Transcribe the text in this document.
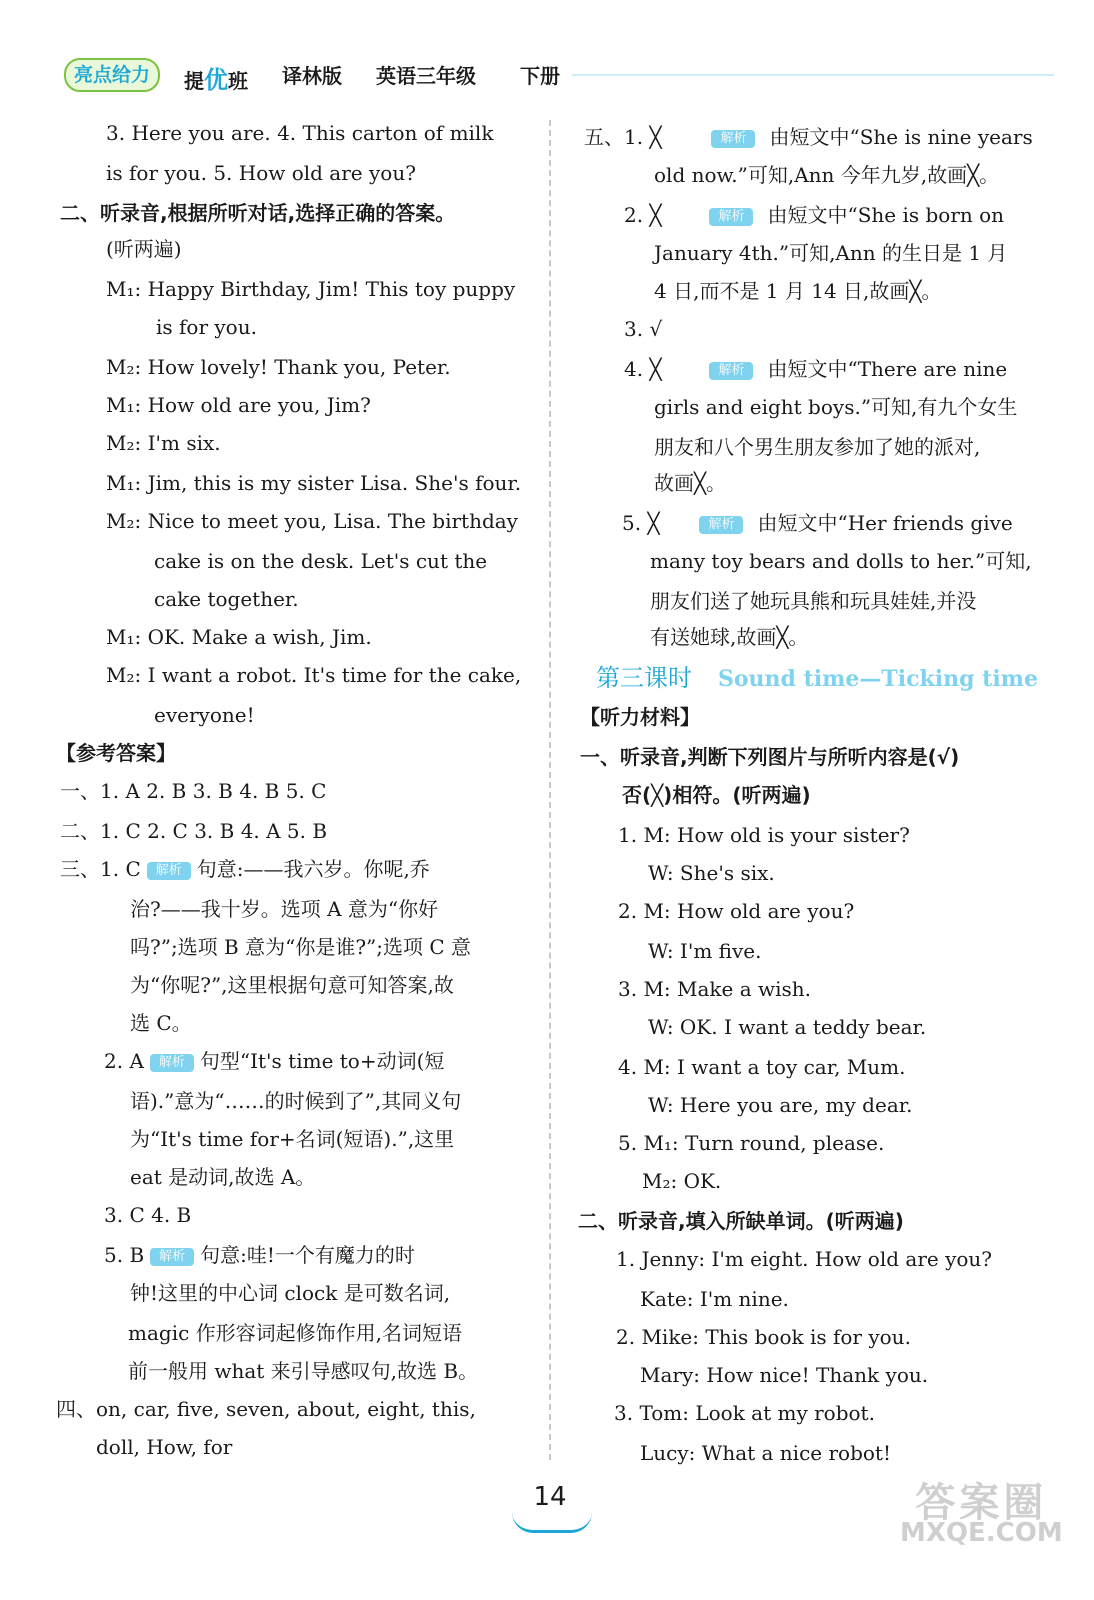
亮点给力	提优班 译林版 英语三年级 下册
3. Here you are. 4. This carton of milk
is for you. 5. How old are you?
二、听录音,根据所听对话,选择正确的答案。
(听两遍)
M₁: Happy Birthday, Jim! This toy puppy
is for you.
M₂: How lovely! Thank you, Peter.
M₁: How old are you, Jim?
M₂: I'm six.
M₁: Jim, this is my sister Lisa. She's four.
M₂: Nice to meet you, Lisa. The birthday
cake is on the desk. Let's cut the
cake together.
M₁: OK. Make a wish, Jim.
M₂: I want a robot. It's time for the cake,
everyone!
【参考答案】
一、1. A 2. B 3. B 4. B 5. C
二、1. C 2. C 3. B 4. A 5. B
三、1. C 解析 句意:——我六岁。你呢,乔
治?——我十岁。选项 A 意为“你好
吗?”;选项 B 意为“你是谁?”;选项 C 意
为“你呢?”,这里根据句意可知答案,故
选 C。
2. A 解析 句型“It's time to+动词(短
语).”意为“……的时候到了”,其同义句
为“It's time for+名词(短语).”,这里
eat 是动词,故选 A。
3. C 4. B
5. B 解析 句意:哇!一个有魔力的时
钟!这里的中心词 clock 是可数名词,
magic 作形容词起修饰作用,名词短语
前一般用 what 来引导感叹句,故选 B。
四、on, car, five, seven, about, eight, this,
doll, How, for
五、1. ╳	解析 由短文中“She is nine years
old now.”可知,Ann 今年九岁,故画╳。
2. ╳	解析 由短文中“She is born on
January 4th.”可知,Ann 的生日是 1 月
4 日,而不是 1 月 14 日,故画╳。
3. √
4. ╳	解析 由短文中“There are nine
girls and eight boys.”可知,有九个女生
朋友和八个男生朋友参加了她的派对,
故画╳。
5. ╳	解析 由短文中“Her friends give
many toy bears and dolls to her.”可知,
朋友们送了她玩具熊和玩具娃娃,并没
有送她球,故画╳。
【听力材料】
一、听录音,判断下列图片与所听内容是(√)
否(╳)相符。(听两遍)
1. M: How old is your sister?
W: She's six.
2. M: How old are you?
W: I'm five.
3. M: Make a wish.
W: OK. I want a teddy bear.
4. M: I want a toy car, Mum.
W: Here you are, my dear.
5. M₁: Turn round, please.
M₂: OK.
二、听录音,填入所缺单词。(听两遍)
1. Jenny: I'm eight. How old are you?
Kate: I'm nine.
2. Mike: This book is for you.
Mary: How nice! Thank you.
3. Tom: Look at my robot.
Lucy: What a nice robot!
第三课时 Sound time—Ticking time
14	答案圈
MXQE.COM
